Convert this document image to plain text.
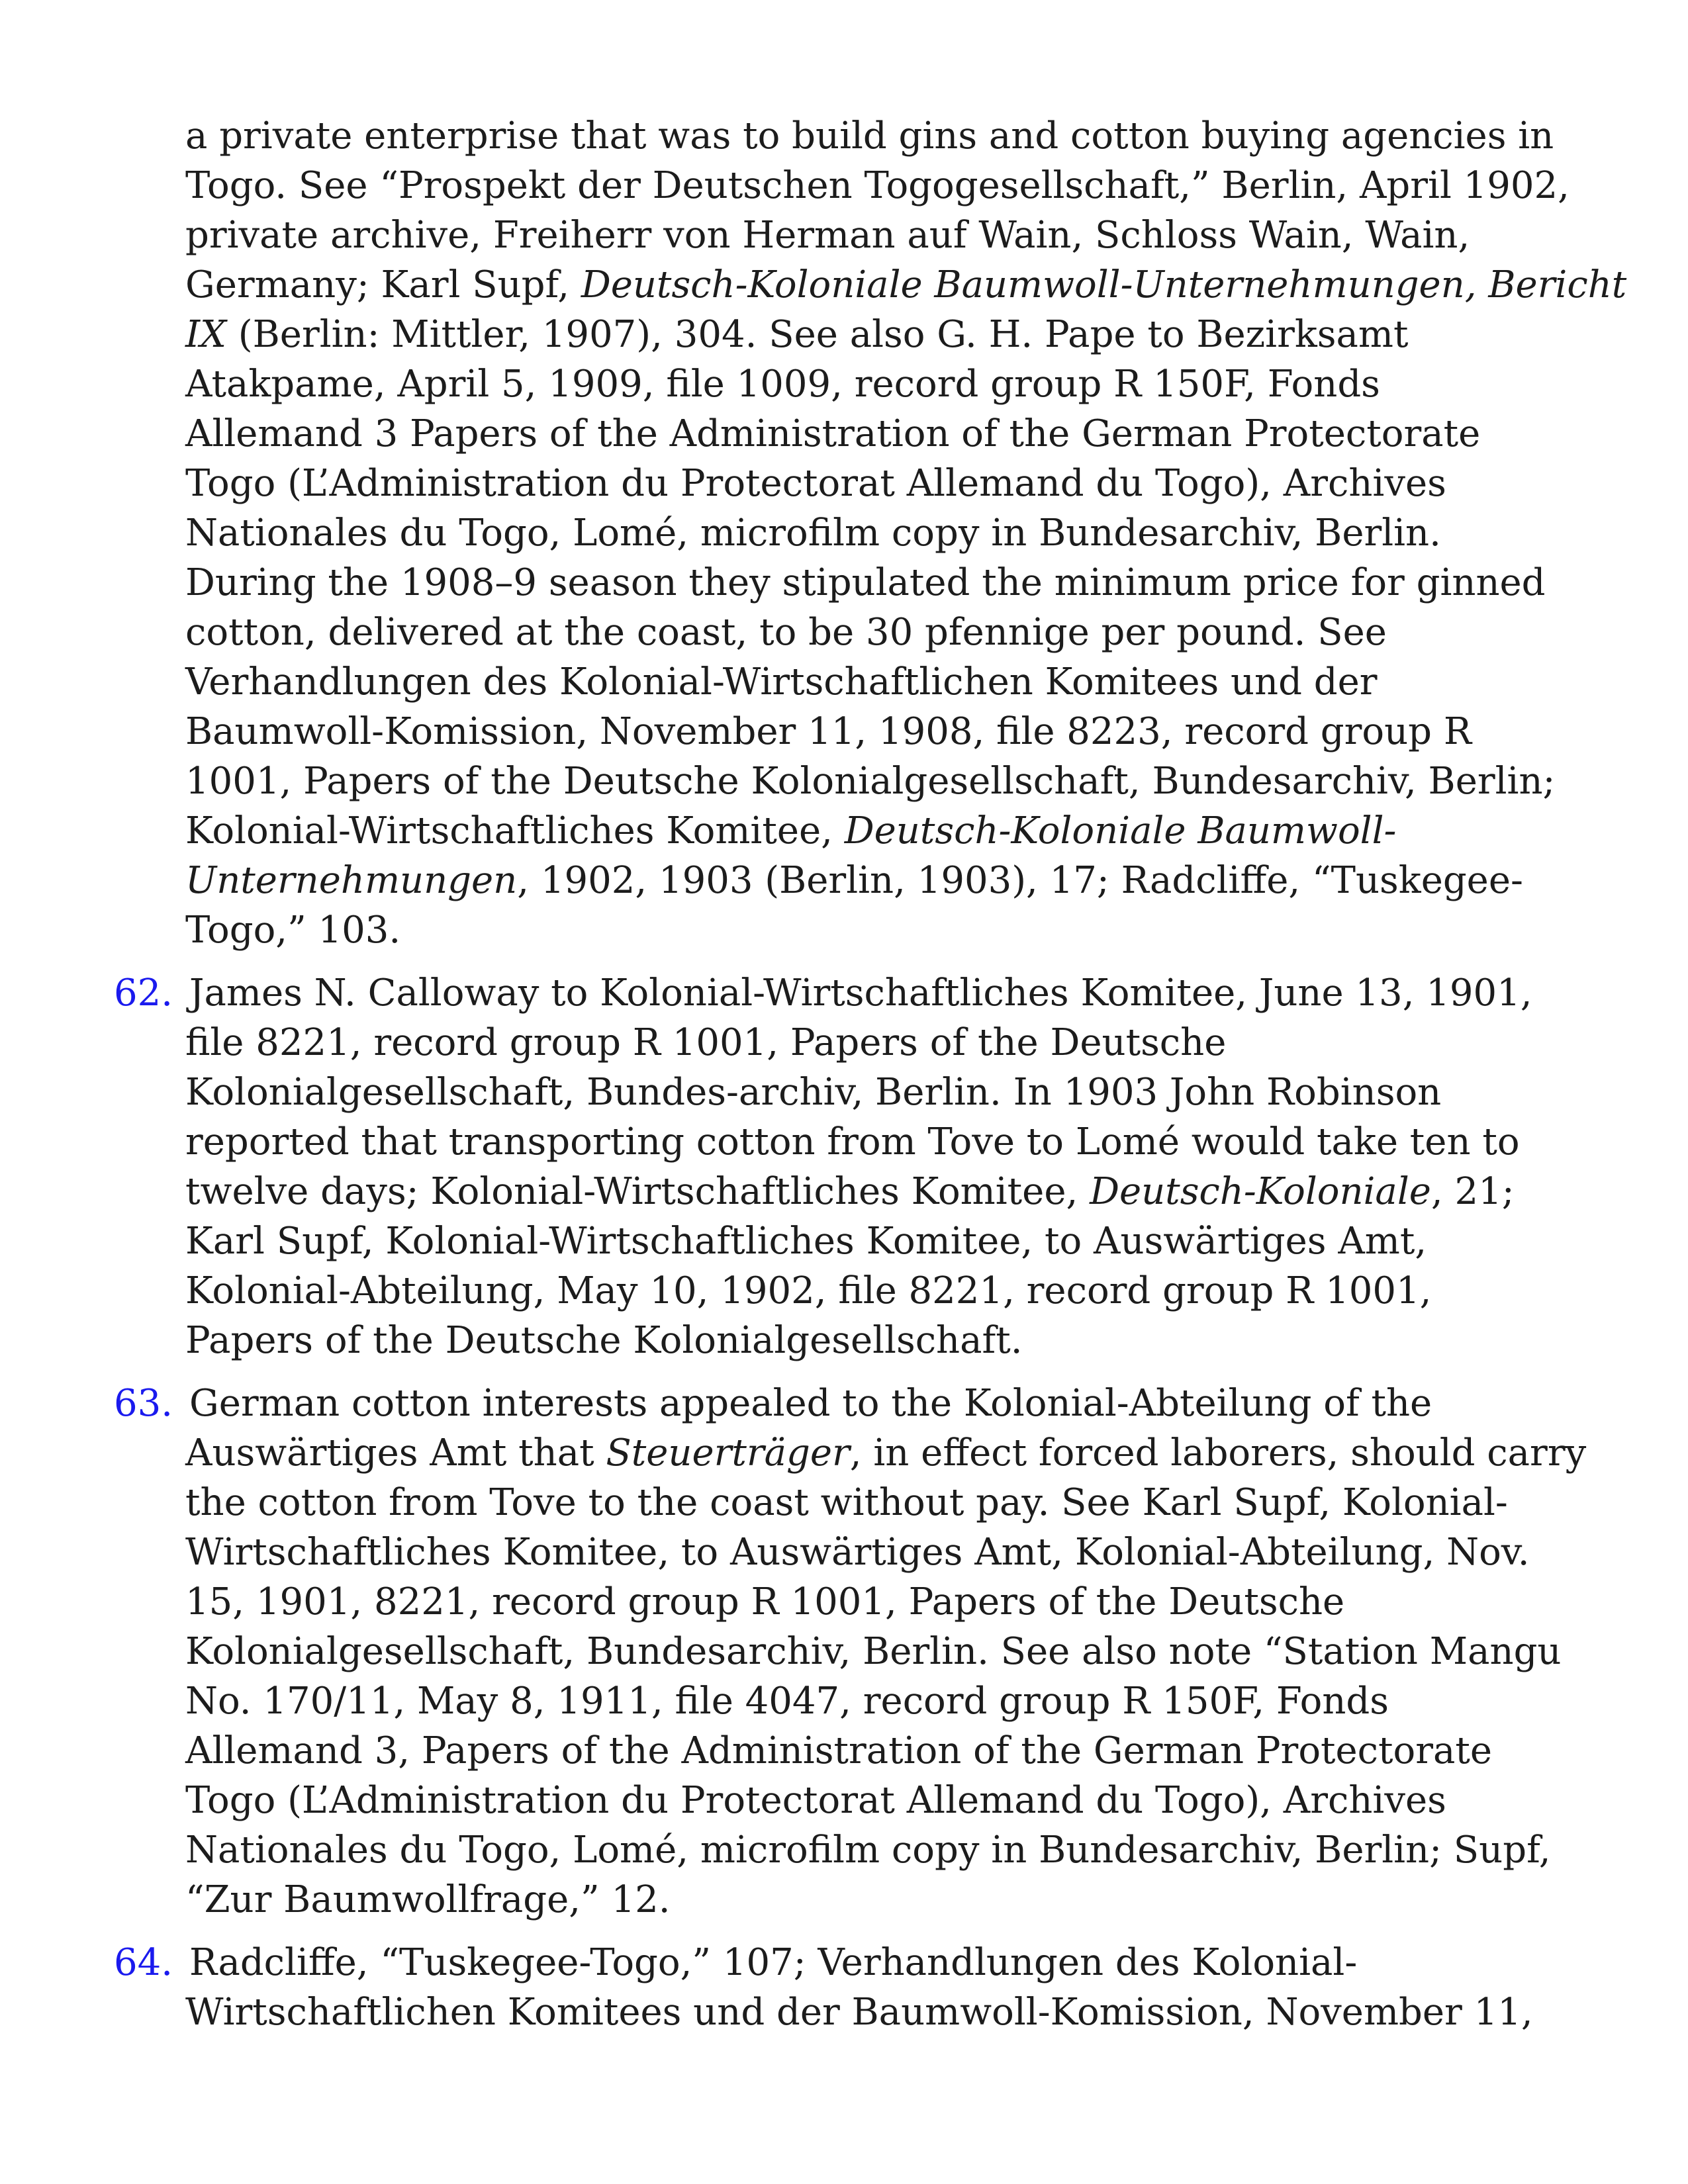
a private enterprise that was to build gins and cotton buying agencies in
Togo. See “Prospekt der Deutschen Togogesellschaft,” Berlin, April 1902,
private archive, Freiherr von Herman auf Wain, Schloss Wain, Wain,
Germany; Karl Supf, Deutsch-Koloniale Baumwoll-Unternehmungen, Bericht
IX (Berlin: Mittler, 1907), 304. See also G. H. Pape to Bezirksamt
Atakpame, April 5, 1909, file 1009, record group R 150F, Fonds
Allemand 3 Papers of the Administration of the German Protectorate
Togo (L’Administration du Protectorat Allemand du Togo), Archives
Nationales du Togo, Lomé, microfilm copy in Bundesarchiv, Berlin.
During the 1908–9 season they stipulated the minimum price for ginned
cotton, delivered at the coast, to be 30 pfennige per pound. See
Verhandlungen des Kolonial-Wirtschaftlichen Komitees und der
Baumwoll-Komission, November 11, 1908, file 8223, record group R
1001, Papers of the Deutsche Kolonialgesellschaft, Bundesarchiv, Berlin;
Kolonial-Wirtschaftliches Komitee, Deutsch-Koloniale Baumwoll-
Unternehmungen, 1902, 1903 (Berlin, 1903), 17; Radcliffe, “Tuskegee-
Togo,” 103.
62. James N. Calloway to Kolonial-Wirtschaftliches Komitee, June 13, 1901,
file 8221, record group R 1001, Papers of the Deutsche
Kolonialgesellschaft, Bundes-archiv, Berlin. In 1903 John Robinson
reported that transporting cotton from Tove to Lomé would take ten to
twelve days; Kolonial-Wirtschaftliches Komitee, Deutsch-Koloniale, 21;
Karl Supf, Kolonial-Wirtschaftliches Komitee, to Auswärtiges Amt,
Kolonial-Abteilung, May 10, 1902, file 8221, record group R 1001,
Papers of the Deutsche Kolonialgesellschaft.
63. German cotton interests appealed to the Kolonial-Abteilung of the
Auswärtiges Amt that Steuerträger, in effect forced laborers, should carry
the cotton from Tove to the coast without pay. See Karl Supf, Kolonial-
Wirtschaftliches Komitee, to Auswärtiges Amt, Kolonial-Abteilung, Nov.
15, 1901, 8221, record group R 1001, Papers of the Deutsche
Kolonialgesellschaft, Bundesarchiv, Berlin. See also note “Station Mangu
No. 170/11, May 8, 1911, file 4047, record group R 150F, Fonds
Allemand 3, Papers of the Administration of the German Protectorate
Togo (L’Administration du Protectorat Allemand du Togo), Archives
Nationales du Togo, Lomé, microfilm copy in Bundesarchiv, Berlin; Supf,
“Zur Baumwollfrage,” 12.
64. Radcliffe, “Tuskegee-Togo,” 107; Verhandlungen des Kolonial-
Wirtschaftlichen Komitees und der Baumwoll-Komission, November 11,
